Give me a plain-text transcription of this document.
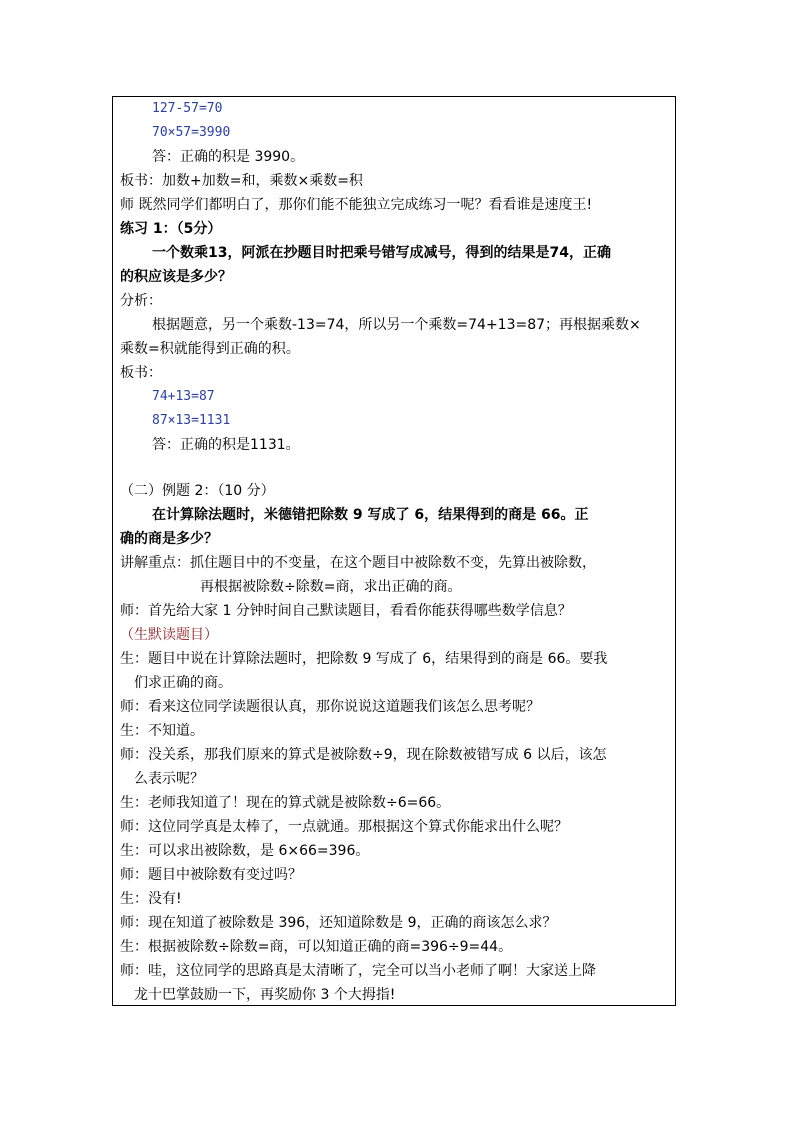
127-57=70
70×57=3990
答：正确的积是 3990。
板书：加数+加数=和，乘数×乘数=积
师 既然同学们都明白了，那你们能不能独立完成练习一呢？看看谁是速度王!
练习 1：（5分）
一个数乘13，阿派在抄题目时把乘号错写成减号，得到的结果是74，正确
的积应该是多少？
分析：
根据题意，另一个乘数-13=74，所以另一个乘数=74+13=87；再根据乘数×
乘数=积就能得到正确的积。
板书：
74+13=87
87×13=1131
答：正确的积是1131。
（二）例题 2：（10 分）
在计算除法题时，米德错把除数 9 写成了 6，结果得到的商是 66。正
确的商是多少？
讲解重点：抓住题目中的不变量，在这个题目中被除数不变，先算出被除数，
再根据被除数÷除数=商，求出正确的商。
师：首先给大家 1 分钟时间自己默读题目，看看你能获得哪些数学信息？
（生默读题目）
生：题目中说在计算除法题时，把除数 9 写成了 6，结果得到的商是 66。要我
们求正确的商。
师：看来这位同学读题很认真，那你说说这道题我们该怎么思考呢？
生：不知道。
师：没关系，那我们原来的算式是被除数÷9，现在除数被错写成 6 以后，该怎
么表示呢？
生：老师我知道了！现在的算式就是被除数÷6=66。
师：这位同学真是太棒了，一点就通。那根据这个算式你能求出什么呢？
生：可以求出被除数，是 6×66=396。
师：题目中被除数有变过吗？
生：没有!
师：现在知道了被除数是 396，还知道除数是 9，正确的商该怎么求？
生：根据被除数÷除数=商，可以知道正确的商=396÷9=44。
师：哇，这位同学的思路真是太清晰了，完全可以当小老师了啊！大家送上降
龙十巴掌鼓励一下，再奖励你 3 个大拇指!
